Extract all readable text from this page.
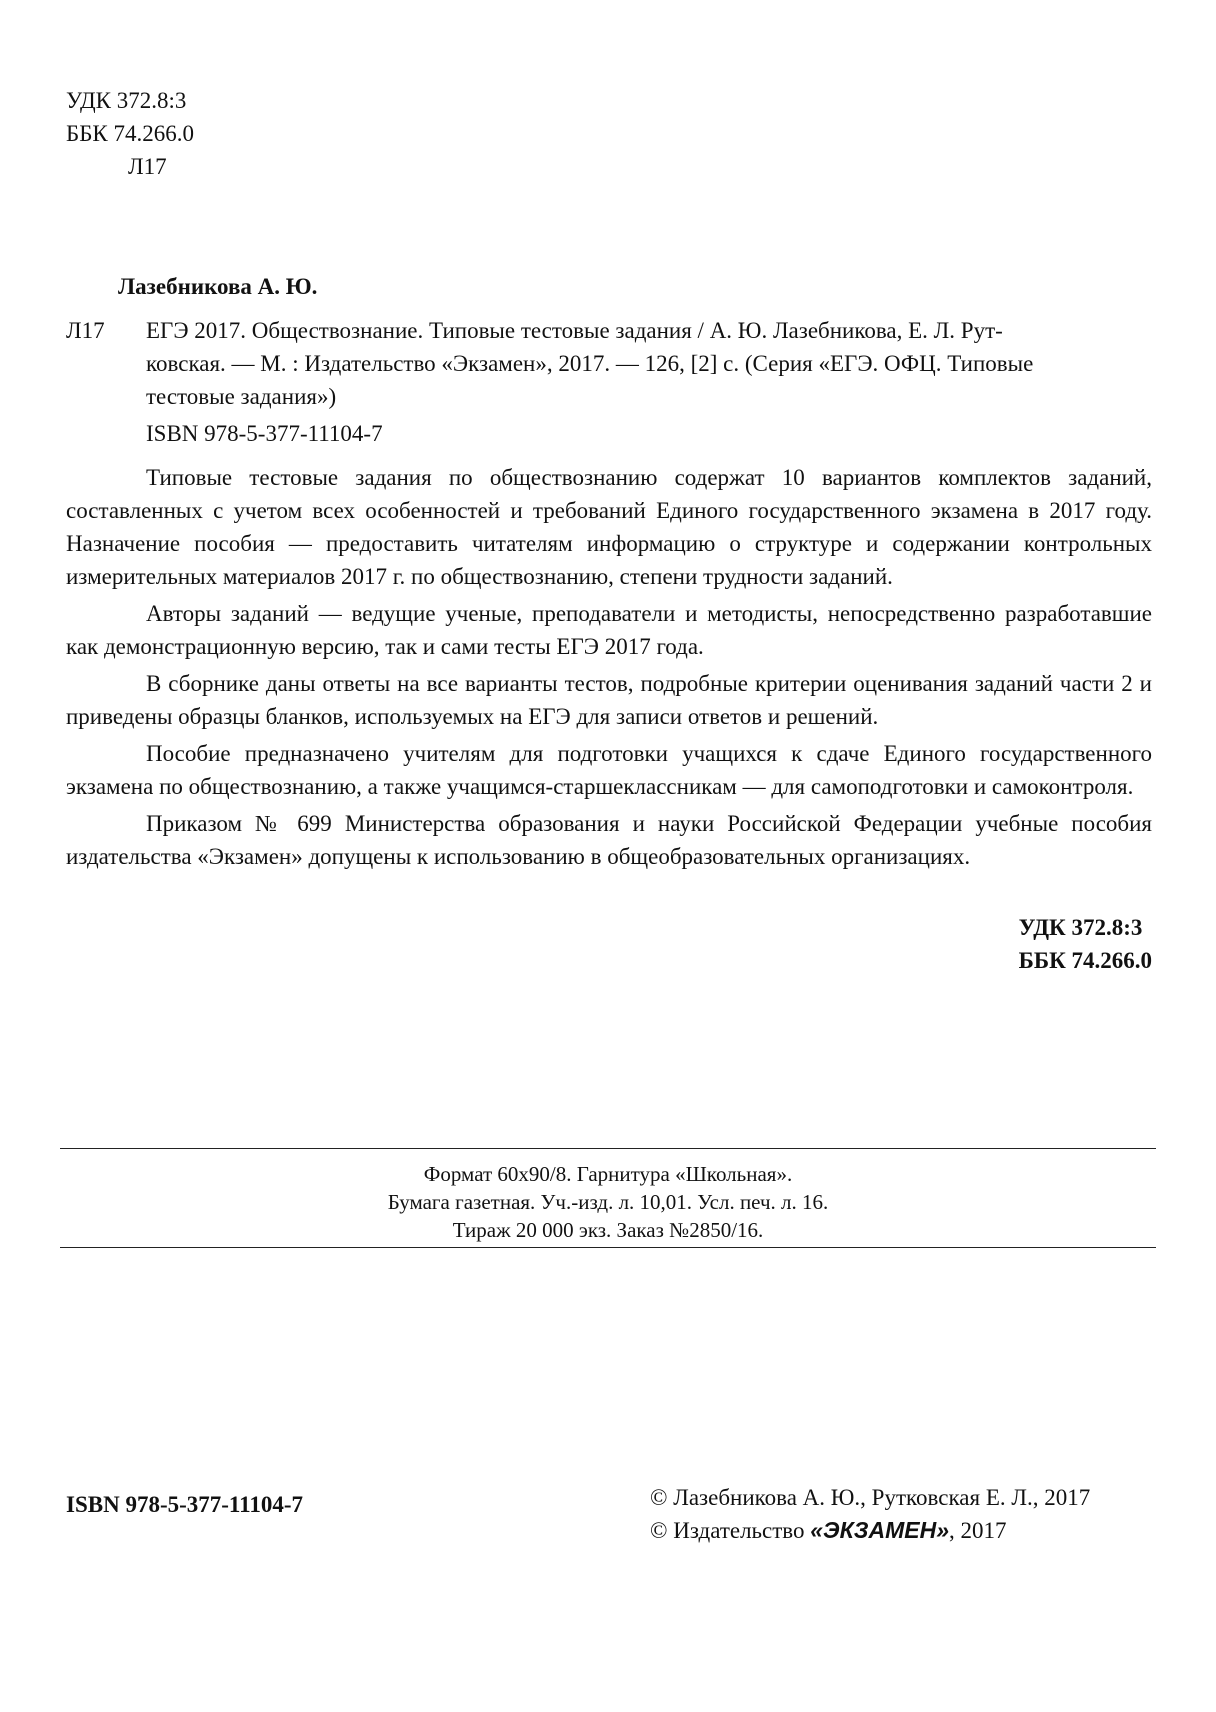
УДК 372.8:3
ББК 74.266.0
Л17
Лазебникова А. Ю.
Л17 ЕГЭ 2017. Обществознание. Типовые тестовые задания / А. Ю. Лазебникова, Е. Л. Рут-
ковская. — М. : Издательство «Экзамен», 2017. — 126, [2] с. (Серия «ЕГЭ. ОФЦ. Типовые
тестовые задания»)
ISBN 978-5-377-11104-7

Типовые тестовые задания по обществознанию содержат 10 вариантов комплектов заданий, составленных с учетом всех особенностей и требований Единого государственного экзамена в 2017 году. Назначение пособия — предоставить читателям информацию о структуре и содержании контрольных измерительных материалов 2017 г. по обществознанию, степени трудности заданий.

Авторы заданий — ведущие ученые, преподаватели и методисты, непосредственно разработавшие как демонстрационную версию, так и сами тесты ЕГЭ 2017 года.

В сборнике даны ответы на все варианты тестов, подробные критерии оценивания заданий части 2 и приведены образцы бланков, используемых на ЕГЭ для записи ответов и решений.

Пособие предназначено учителям для подготовки учащихся к сдаче Единого государственного экзамена по обществознанию, а также учащимся-старшеклассникам — для самоподготовки и самоконтроля.

Приказом № 699 Министерства образования и науки Российской Федерации учебные пособия издательства «Экзамен» допущены к использованию в общеобразовательных организациях.

УДК 372.8:3
ББК 74.266.0
Формат 60x90/8. Гарнитура «Школьная».
Бумага газетная. Уч.-изд. л. 10,01. Усл. печ. л. 16.
Тираж 20 000 экз. Заказ №2850/16.
ISBN 978-5-377-11104-7	© Лазебникова А. Ю., Рутковская Е. Л., 2017
© Издательство «ЭКЗАМЕН», 2017
